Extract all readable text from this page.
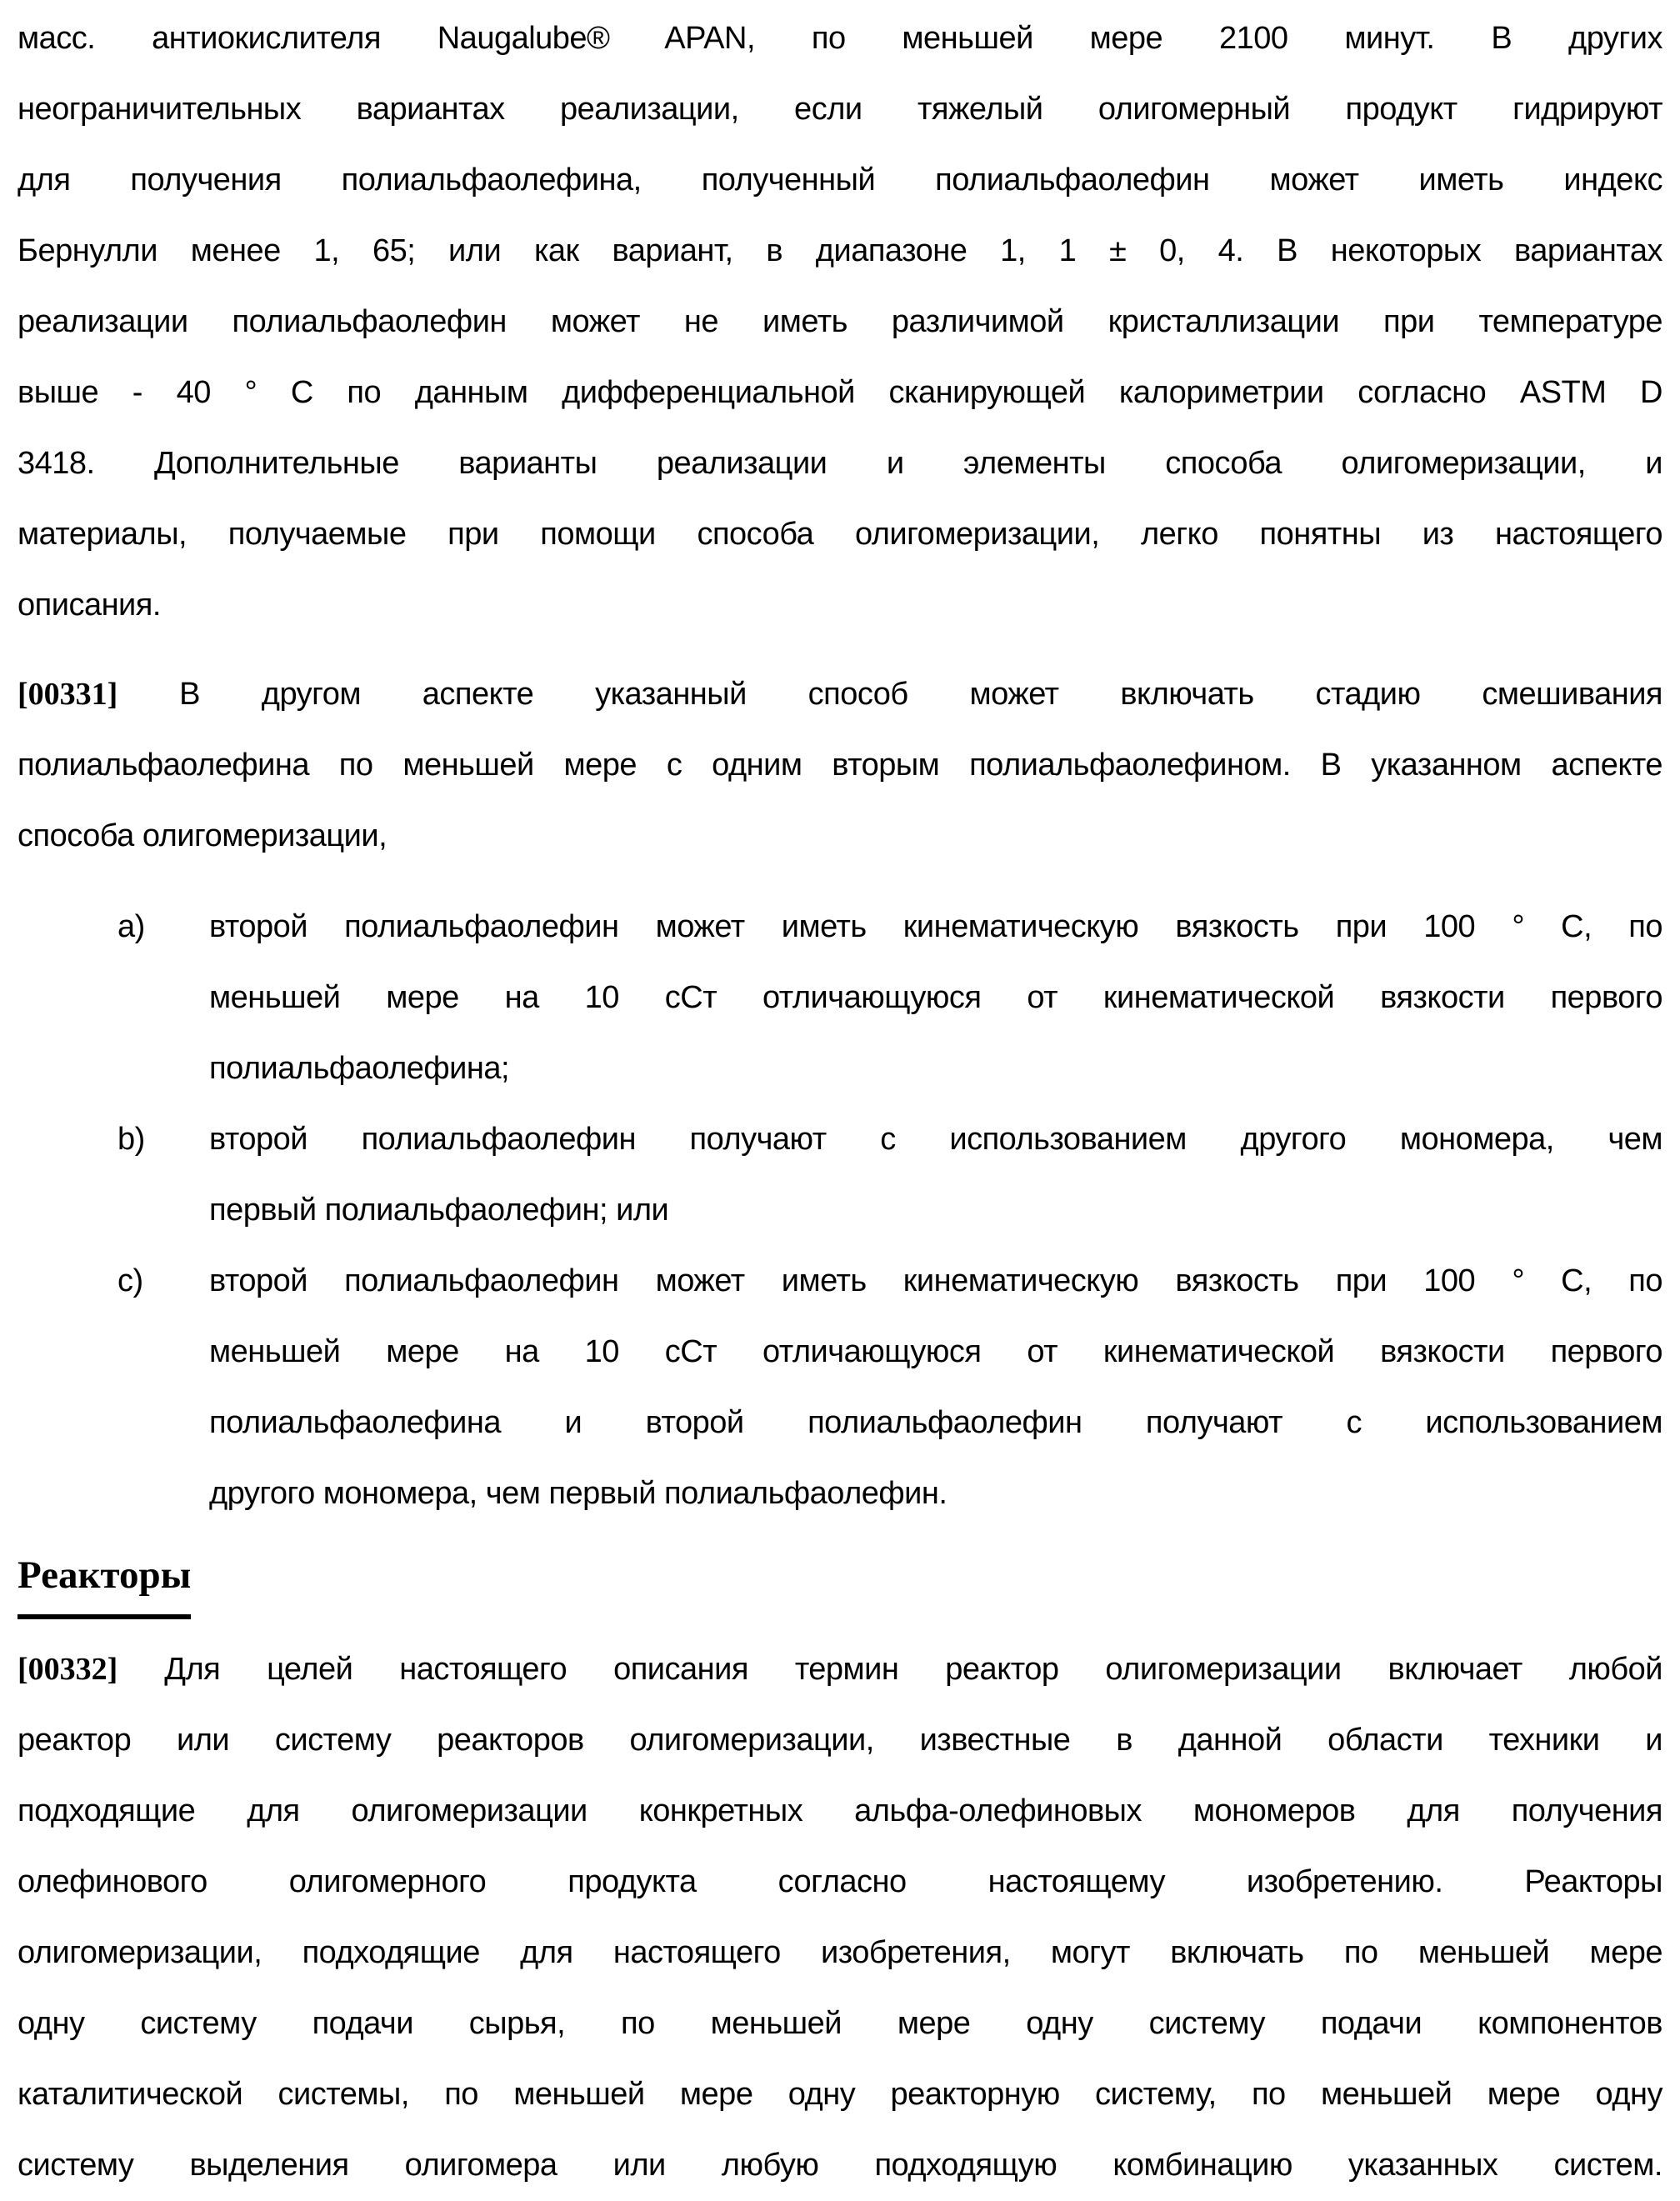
масс. антиокислителя Naugalube® APAN, по меньшей мере 2100 минут. В других
неограничительных вариантах реализации, если тяжелый олигомерный продукт гидрируют
для получения полиальфаолефина, полученный полиальфаолефин может иметь индекс
Бернулли менее 1, 65; или как вариант, в диапазоне 1, 1 ± 0, 4. В некоторых вариантах
реализации полиальфаолефин может не иметь различимой кристаллизации при температуре
выше - 40 ° C по данным дифференциальной сканирующей калориметрии согласно ASTM D
3418. Дополнительные варианты реализации и элементы способа олигомеризации, и
материалы, получаемые при помощи способа олигомеризации, легко понятны из настоящего
описания.
[00331] В другом аспекте указанный способ может включать стадию смешивания
полиальфаолефина по меньшей мере с одним вторым полиальфаолефином. В указанном аспекте
способа олигомеризации,
a) второй полиальфаолефин может иметь кинематическую вязкость при 100 ° C, по
меньшей мере на 10 сСт отличающуюся от кинематической вязкости первого
полиальфаолефина;
b) второй полиальфаолефин получают с использованием другого мономера, чем
первый полиальфаолефин; или
c) второй полиальфаолефин может иметь кинематическую вязкость при 100 ° C, по
меньшей мере на 10 сСт отличающуюся от кинематической вязкости первого
полиальфаолефина и второй полиальфаолефин получают с использованием
другого мономера, чем первый полиальфаолефин.
Реакторы
[00332] Для целей настоящего описания термин реактор олигомеризации включает любой
реактор или систему реакторов олигомеризации, известные в данной области техники и
подходящие для олигомеризации конкретных альфа-олефиновых мономеров для получения
олефинового олигомерного продукта согласно настоящему изобретению. Реакторы
олигомеризации, подходящие для настоящего изобретения, могут включать по меньшей мере
одну систему подачи сырья, по меньшей мере одну систему подачи компонентов
каталитической системы, по меньшей мере одну реакторную систему, по меньшей мере одну
систему выделения олигомера или любую подходящую комбинацию указанных систем.
